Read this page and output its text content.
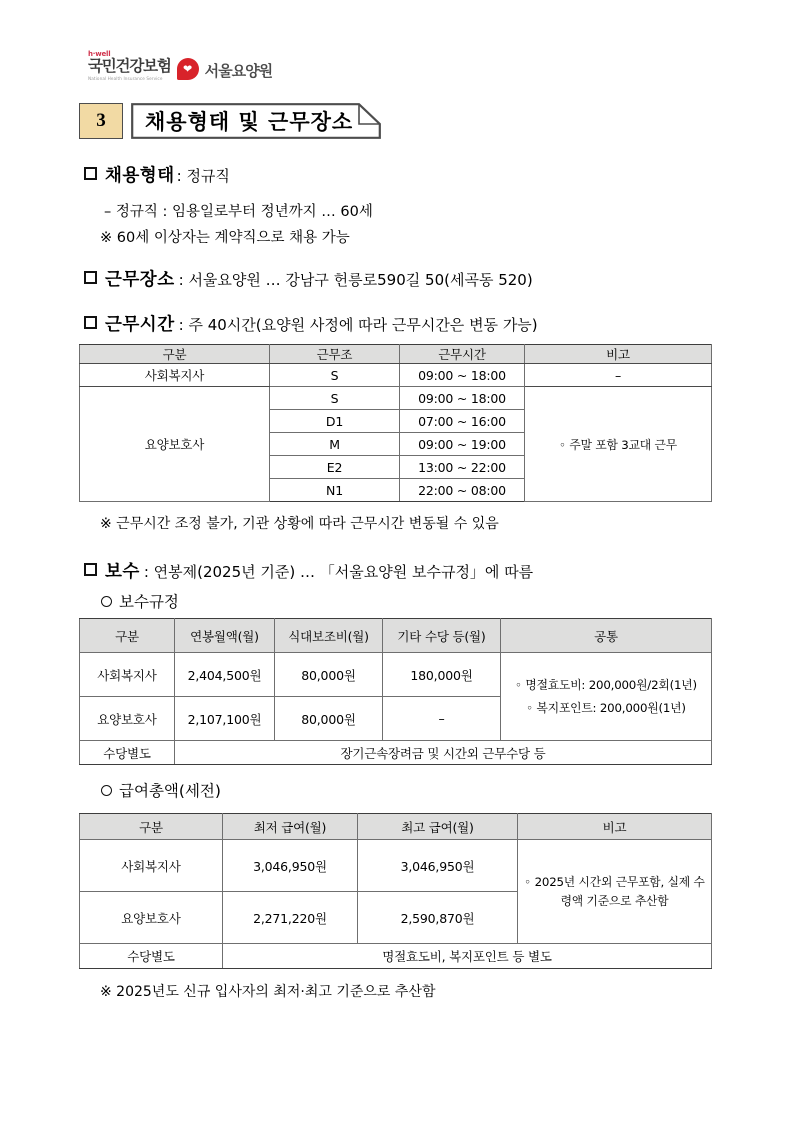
h·well
국민건강보험
National Health Insurance Service
❤ 서울요양원
3	채용형태 및 근무장소
채용형태 : 정규직
– 정규직 : 임용일로부터 정년까지 … 60세
※ 60세 이상자는 계약직으로 채용 가능
근무장소 : 서울요양원 … 강남구 헌릉로590길 50(세곡동 520)
근무시간 : 주 40시간(요양원 사정에 따라 근무시간은 변동 가능)
구분	근무조	근무시간	비고
사회복지사	S	09:00 ~ 18:00	–
요양보호사	S	09:00 ~ 18:00	◦ 주말 포함 3교대 근무
	D1	07:00 ~ 16:00	
	M	09:00 ~ 19:00	
	E2	13:00 ~ 22:00	
	N1	22:00 ~ 08:00	
※ 근무시간 조정 불가, 기관 상황에 따라 근무시간 변동될 수 있음
보수 : 연봉제(2025년 기준) … 「서울요양원 보수규정」에 따름
보수규정
구분	연봉월액(월)	식대보조비(월)	기타 수당 등(월)	공통
사회복지사	2,404,500원	80,000원	180,000원	◦ 명절효도비: 200,000원/2회(1년)
◦ 복지포인트: 200,000원(1년)

요양보호사	2,107,100원	80,000원	–	
수당별도	장기근속장려금 및 시간외 근무수당 등			
급여총액(세전)
구분	최저 급여(월)	최고 급여(월)	비고
사회복지사	3,046,950원	3,046,950원	◦ 2025년 시간외 근무포함, 실제 수령액 기준으로 추산함
요양보호사	2,271,220원	2,590,870원	
수당별도	명절효도비, 복지포인트 등 별도		
※ 2025년도 신규 입사자의 최저·최고 기준으로 추산함
